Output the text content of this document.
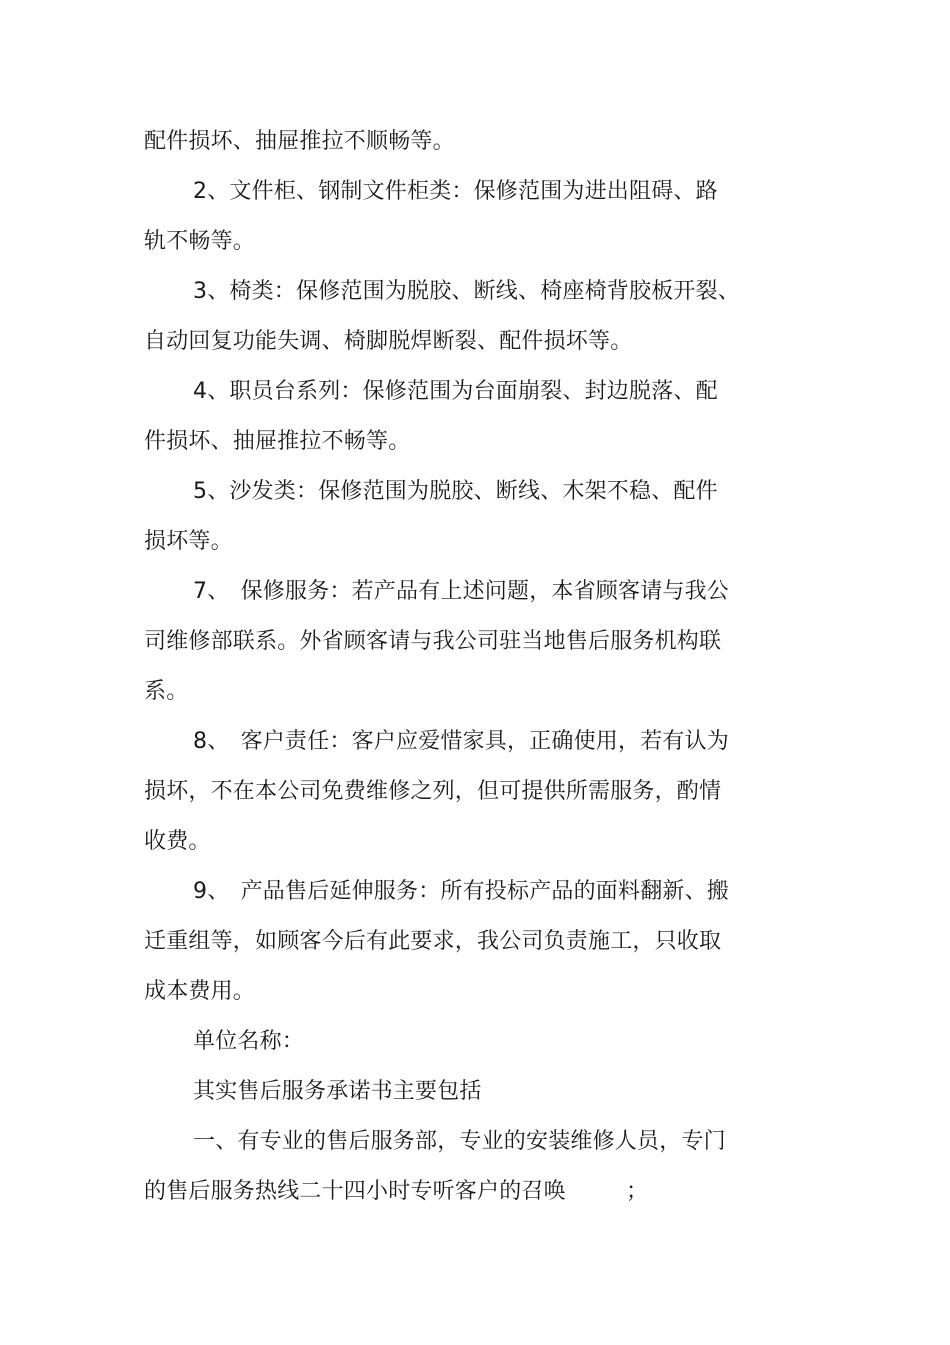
配件损坏、抽屉推拉不顺畅等。
2、文件柜、钢制文件柜类：保修范围为进出阻碍、路
轨不畅等。
3、椅类：保修范围为脱胶、断线、椅座椅背胶板开裂、
自动回复功能失调、椅脚脱焊断裂、配件损坏等。
4、职员台系列：保修范围为台面崩裂、封边脱落、配
件损坏、抽屉推拉不畅等。
5、沙发类：保修范围为脱胶、断线、木架不稳、配件
损坏等。
7、　保修服务：若产品有上述问题，本省顾客请与我公
司维修部联系。外省顾客请与我公司驻当地售后服务机构联
系。
8、　客户责任：客户应爱惜家具，正确使用，若有认为
损坏，不在本公司免费维修之列，但可提供所需服务，酌情
收费。
9、　产品售后延伸服务：所有投标产品的面料翻新、搬
迁重组等，如顾客今后有此要求，我公司负责施工，只收取
成本费用。
单位名称：
其实售后服务承诺书主要包括
一、有专业的售后服务部，专业的安装维修人员，专门
的售后服务热线二十四小时专听客户的召唤	；
